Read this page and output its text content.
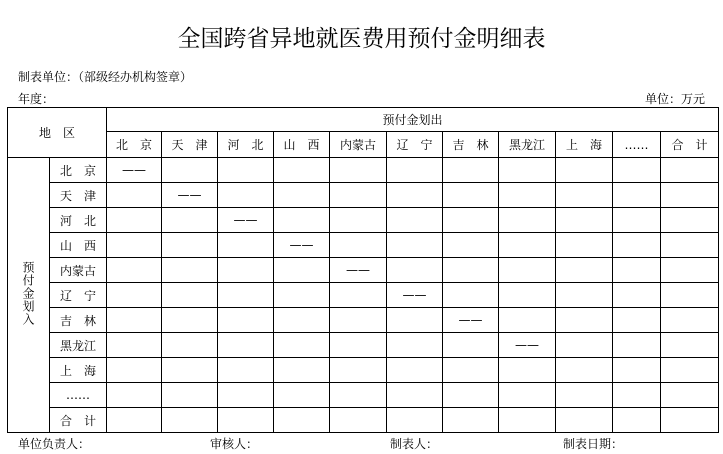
全国跨省异地就医费用预付金明细表
制表单位：（部级经办机构签章）
年度：	单位：万元
地　区		预付金划出										
		北　京	天　津	河　北	山　西	内蒙古	辽　宁	吉　林	黑龙江	上　海	……	合　计
预付金划入	北　京	——										
	天　津		——									
	河　北			——								
	山　西				——							
	内蒙古					——						
	辽　宁						——					
	吉　林							——				
	黑龙江								——			
	上　海											
	……											
	合　计											
单位负责人：	审核人：	制表人：	制表日期：
